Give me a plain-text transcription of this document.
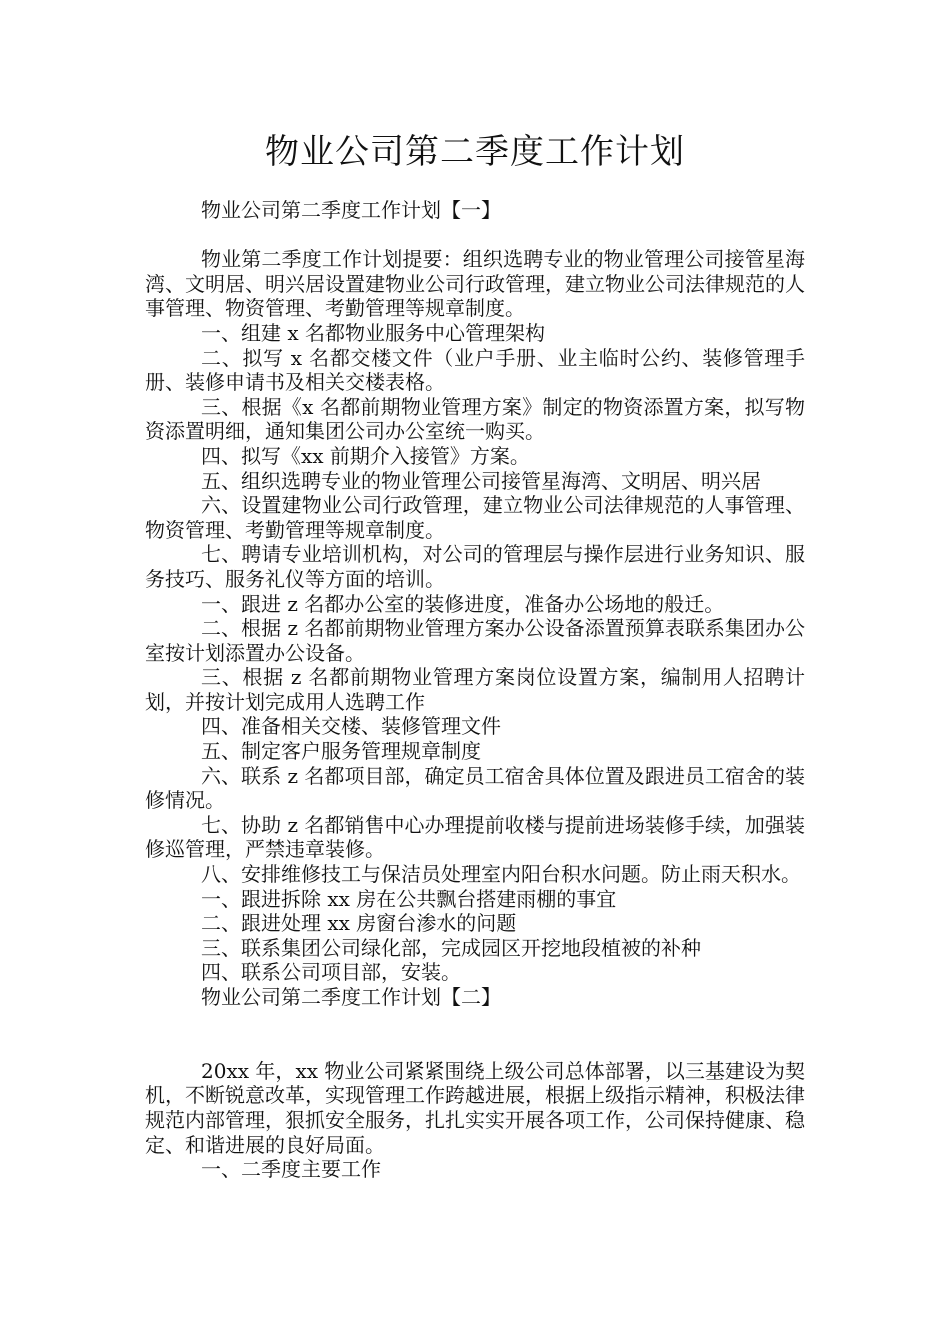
物业公司第二季度工作计划

物业公司第二季度工作计划【一】

物业第二季度工作计划提要：组织选聘专业的物业管理公司接管星海湾、文明居、明兴居设置建物业公司行政管理，建立物业公司法律规范的人事管理、物资管理、考勤管理等规章制度。

一、组建 x 名都物业服务中心管理架构

二、拟写 x 名都交楼文件（业户手册、业主临时公约、装修管理手册、装修申请书及相关交楼表格。

三、根据《x 名都前期物业管理方案》制定的物资添置方案，拟写物资添置明细，通知集团公司办公室统一购买。

四、拟写《xx 前期介入接管》方案。

五、组织选聘专业的物业管理公司接管星海湾、文明居、明兴居

六、设置建物业公司行政管理，建立物业公司法律规范的人事管理、物资管理、考勤管理等规章制度。

七、聘请专业培训机构，对公司的管理层与操作层进行业务知识、服务技巧、服务礼仪等方面的培训。

一、跟进 z 名都办公室的装修进度，准备办公场地的般迁。

二、根据 z 名都前期物业管理方案办公设备添置预算表联系集团办公室按计划添置办公设备。

三、根据 z 名都前期物业管理方案岗位设置方案，编制用人招聘计划，并按计划完成用人选聘工作

四、准备相关交楼、装修管理文件

五、制定客户服务管理规章制度

六、联系 z 名都项目部，确定员工宿舍具体位置及跟进员工宿舍的装修情况。

七、协助 z 名都销售中心办理提前收楼与提前进场装修手续，加强装修巡管理，严禁违章装修。

八、安排维修技工与保洁员处理室内阳台积水问题。防止雨天积水。

一、跟进拆除 xx 房在公共飘台搭建雨棚的事宜

二、跟进处理 xx 房窗台渗水的问题

三、联系集团公司绿化部，完成园区开挖地段植被的补种

四、联系公司项目部，安装。

物业公司第二季度工作计划【二】

20xx 年，xx 物业公司紧紧围绕上级公司总体部署，以三基建设为契机，不断锐意改革，实现管理工作跨越进展，根据上级指示精神，积极法律规范内部管理，狠抓安全服务，扎扎实实开展各项工作，公司保持健康、稳定、和谐进展的良好局面。

一、二季度主要工作
